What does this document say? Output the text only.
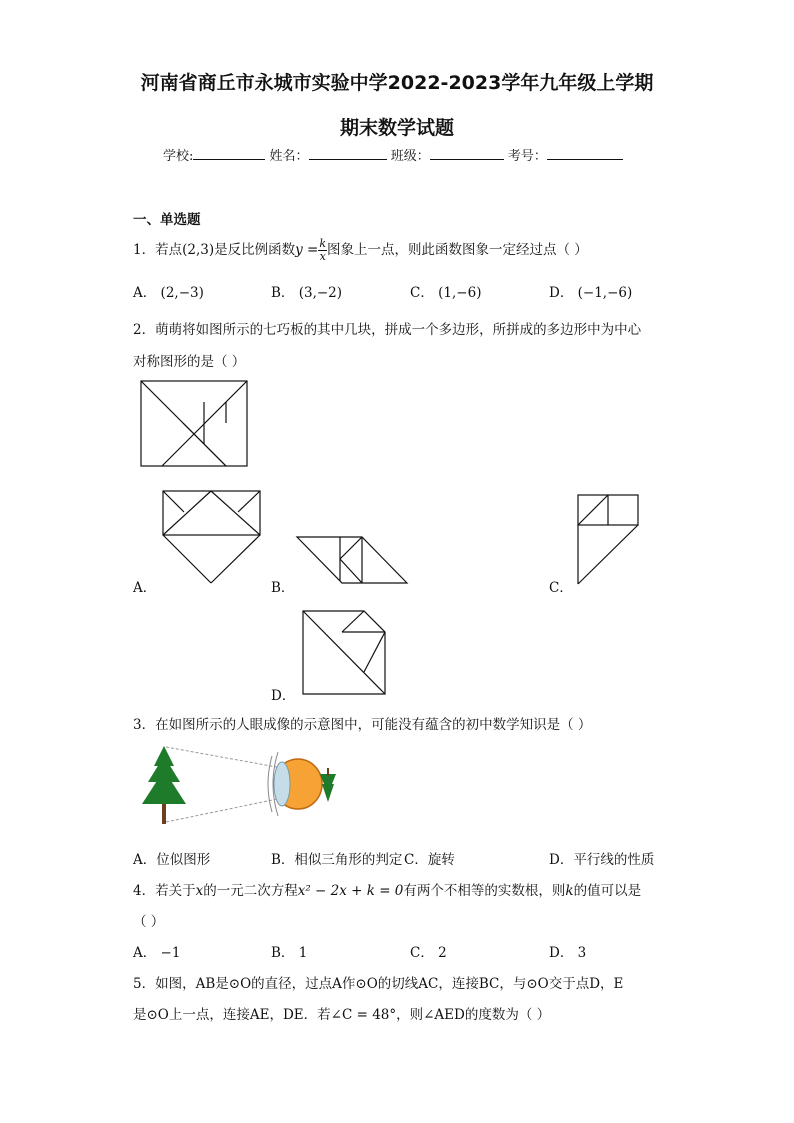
河南省商丘市永城市实验中学2022-2023学年九年级上学期
期末数学试题
学校:	姓名：	班级：	考号：
一、单选题
1．若点(2,3)是反比例函数$y = \frac{k}{x}$ 图象上一点，则此函数图象一定经过点（ ）
A． (2,−3)	B． (3,−2)	C． (1,−6)	D． (−1,−6)
2．萌萌将如图所示的七巧板的其中几块，拼成一个多边形，所拼成的多边形中为中心
对称图形的是（ ）
A．	B．	C．
D．
3．在如图所示的人眼成像的示意图中，可能没有蕴含的初中数学知识是（ ）
A．位似图形	B．相似三角形的判定 C．旋转	D．平行线的性质
4．若关于x的一元二次方程x² − 2x + k = 0有两个不相等的实数根，则k的值可以是
（ ）
A． −1	B． 1	C． 2	D． 3
5．如图，AB是⊙O的直径，过点A作⊙O的切线AC，连接BC，与⊙O交于点D，E
是⊙O上一点，连接AE，DE．若∠C = 48°，则∠AED的度数为（ ）
